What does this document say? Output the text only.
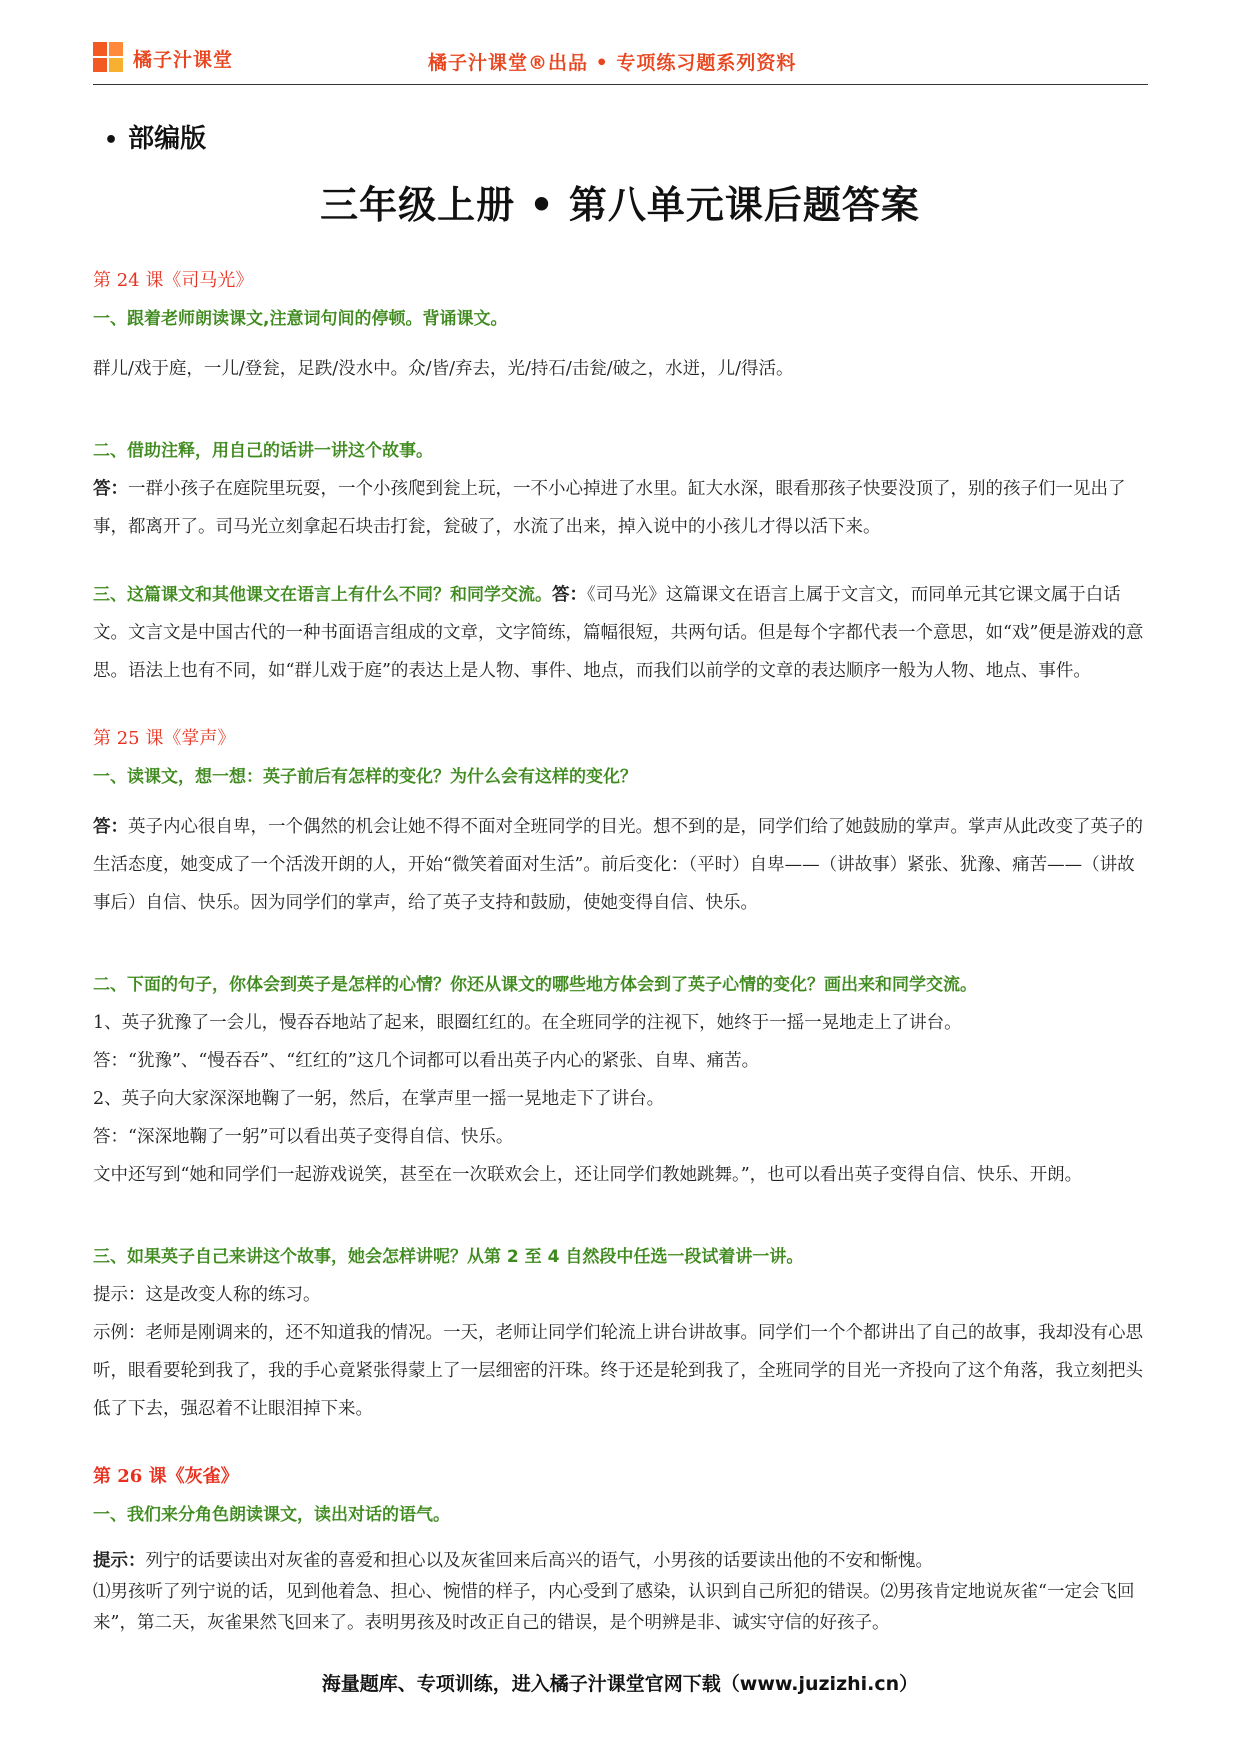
橘子汁课堂	橘子汁课堂®出品 • 专项练习题系列资料
• 部编版
三年级上册 • 第八单元课后题答案

第 24 课《司马光》

一、跟着老师朗读课文,注意词句间的停顿。背诵课文。

群儿/戏于庭，一儿/登瓮，足跌/没水中。众/皆/弃去，光/持石/击瓮/破之，水迸，儿/得活。

二、借助注释，用自己的话讲一讲这个故事。

答：一群小孩子在庭院里玩耍，一个小孩爬到瓮上玩，一不小心掉进了水里。缸大水深，眼看那孩子快要没顶了，别的孩子们一见出了事，都离开了。司马光立刻拿起石块击打瓮，瓮破了，水流了出来，掉入说中的小孩儿才得以活下来。

三、这篇课文和其他课文在语言上有什么不同？和同学交流。答：《司马光》这篇课文在语言上属于文言文，而同单元其它课文属于白话文。文言文是中国古代的一种书面语言组成的文章，文字简练，篇幅很短，共两句话。但是每个字都代表一个意思，如“戏”便是游戏的意思。语法上也有不同，如“群儿戏于庭”的表达上是人物、事件、地点，而我们以前学的文章的表达顺序一般为人物、地点、事件。

第 25 课《掌声》

一、读课文，想一想：英子前后有怎样的变化？为什么会有这样的变化？

答：英子内心很自卑，一个偶然的机会让她不得不面对全班同学的目光。想不到的是，同学们给了她鼓励的掌声。掌声从此改变了英子的生活态度，她变成了一个活泼开朗的人，开始“微笑着面对生活”。前后变化：（平时）自卑——（讲故事）紧张、犹豫、痛苦——（讲故事后）自信、快乐。因为同学们的掌声，给了英子支持和鼓励，使她变得自信、快乐。

二、下面的句子，你体会到英子是怎样的心情？你还从课文的哪些地方体会到了英子心情的变化？画出来和同学交流。

1、英子犹豫了一会儿，慢吞吞地站了起来，眼圈红红的。在全班同学的注视下，她终于一摇一晃地走上了讲台。

答：“犹豫”、“慢吞吞”、“红红的”这几个词都可以看出英子内心的紧张、自卑、痛苦。

2、英子向大家深深地鞠了一躬，然后，在掌声里一摇一晃地走下了讲台。

答：“深深地鞠了一躬”可以看出英子变得自信、快乐。

文中还写到“她和同学们一起游戏说笑，甚至在一次联欢会上，还让同学们教她跳舞。”，也可以看出英子变得自信、快乐、开朗。

三、如果英子自己来讲这个故事，她会怎样讲呢？从第 2 至 4 自然段中任选一段试着讲一讲。

提示：这是改变人称的练习。

示例：老师是刚调来的，还不知道我的情况。一天，老师让同学们轮流上讲台讲故事。同学们一个个都讲出了自己的故事，我却没有心思听，眼看要轮到我了，我的手心竟紧张得蒙上了一层细密的汗珠。终于还是轮到我了，全班同学的目光一齐投向了这个角落，我立刻把头低了下去，强忍着不让眼泪掉下来。

第 26 课《灰雀》

一、我们来分角色朗读课文，读出对话的语气。

提示：列宁的话要读出对灰雀的喜爱和担心以及灰雀回来后高兴的语气，小男孩的话要读出他的不安和惭愧。

⑴男孩听了列宁说的话，见到他着急、担心、惋惜的样子，内心受到了感染，认识到自己所犯的错误。⑵男孩肯定地说灰雀“一定会飞回来”，第二天，灰雀果然飞回来了。表明男孩及时改正自己的错误，是个明辨是非、诚实守信的好孩子。

海量题库、专项训练，进入橘子汁课堂官网下载（www.juzizhi.cn）
